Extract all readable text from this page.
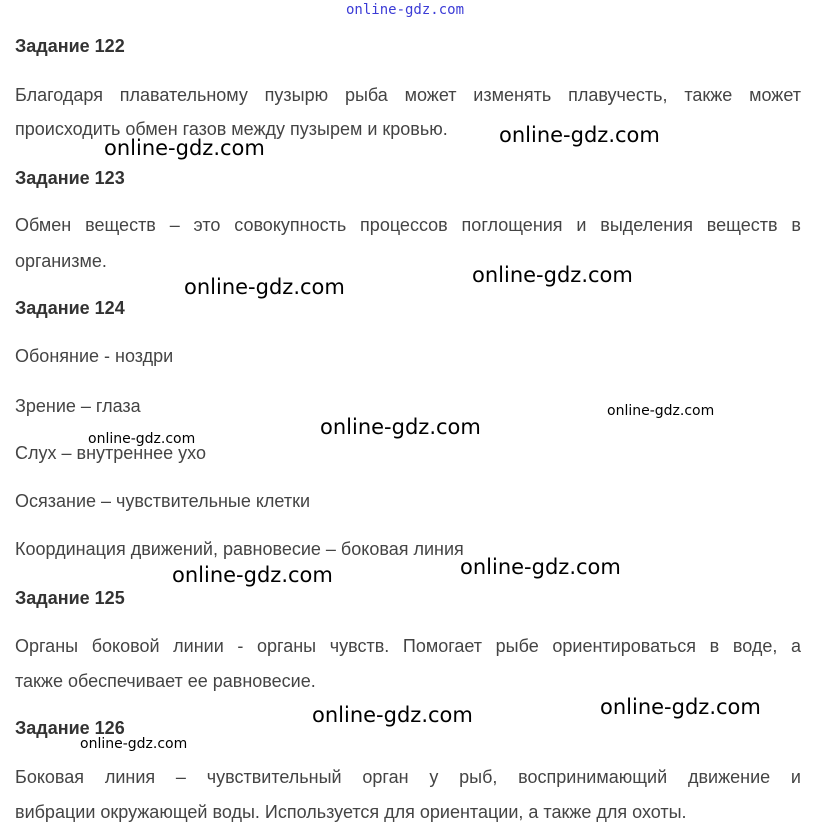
online-gdz.com
Задание 122
Благодаря плавательному пузырю рыба может изменять плавучесть, также может
происходить обмен газов между пузырем и кровью.
Задание 123
Обмен веществ – это совокупность процессов поглощения и выделения веществ в
организме.
Задание 124
Обоняние - ноздри
Зрение – глаза
Слух – внутреннее ухо
Осязание – чувствительные клетки
Координация движений, равновесие – боковая линия
Задание 125
Органы боковой линии - органы чувств. Помогает рыбе ориентироваться в воде, а
также обеспечивает ее равновесие.
Задание 126
Боковая линия – чувствительный орган у рыб, воспринимающий движение и
вибрации окружающей воды. Используется для ориентации, а также для охоты.
online-gdz.com
online-gdz.com
online-gdz.com
online-gdz.com
online-gdz.com
online-gdz.com
online-gdz.com
online-gdz.com
online-gdz.com
online-gdz.com
online-gdz.com
online-gdz.com
